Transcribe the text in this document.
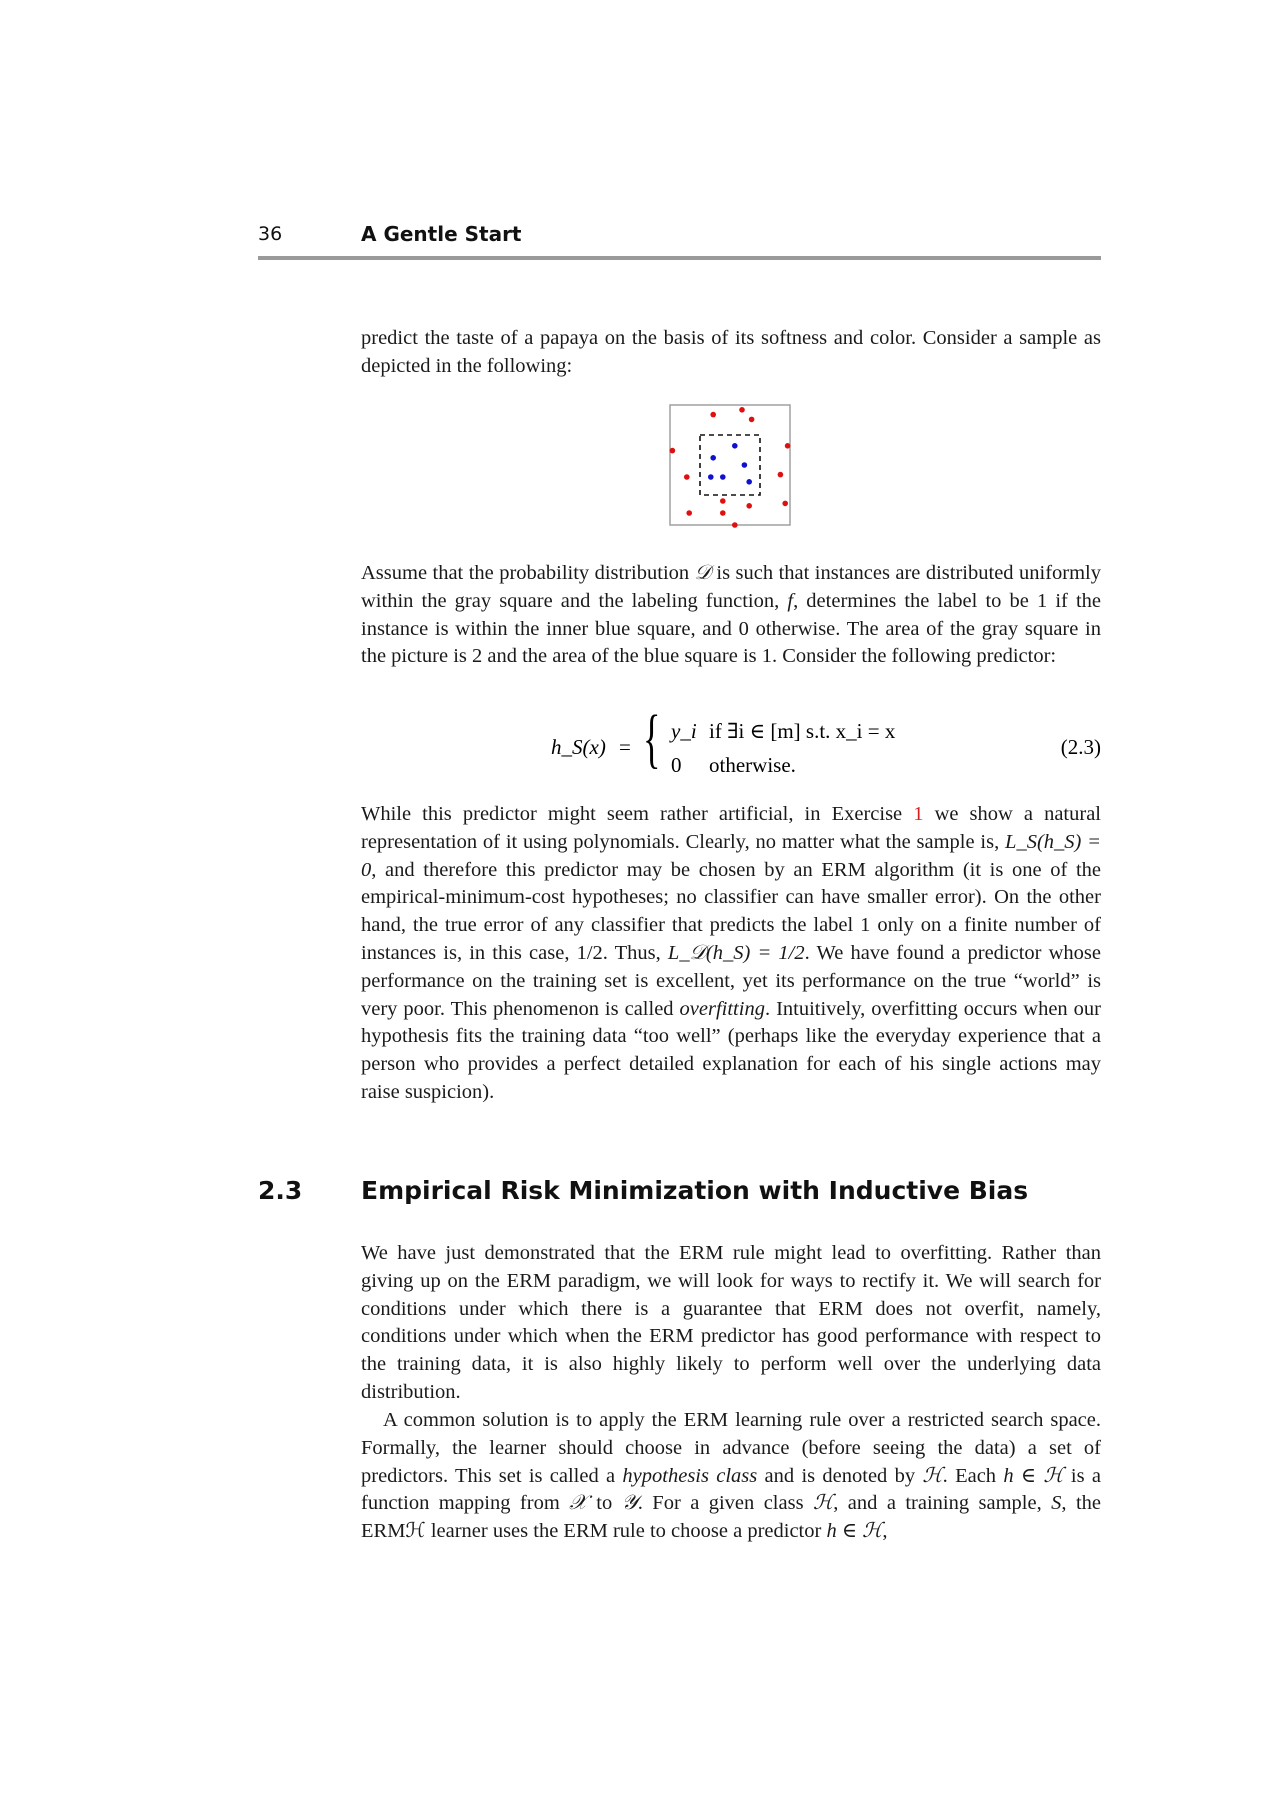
36	A Gentle Start

predict the taste of a papaya on the basis of its softness and color. Consider a sample as depicted in the following:

Assume that the probability distribution 𝒟 is such that instances are distributed uniformly within the gray square and the labeling function, f, determines the label to be 1 if the instance is within the inner blue square, and 0 otherwise. The area of the gray square in the picture is 2 and the area of the blue square is 1. Consider the following predictor:

h_S(x) = { y_i if ∃i ∈ [m] s.t. x_i = x
0 otherwise.
(2.3)

While this predictor might seem rather artificial, in Exercise 1 we show a natural representation of it using polynomials. Clearly, no matter what the sample is, L_S(h_S) = 0, and therefore this predictor may be chosen by an ERM algorithm (it is one of the empirical-minimum-cost hypotheses; no classifier can have smaller error). On the other hand, the true error of any classifier that predicts the label 1 only on a finite number of instances is, in this case, 1/2. Thus, L_𝒟(h_S) = 1/2. We have found a predictor whose performance on the training set is excellent, yet its performance on the true “world” is very poor. This phenomenon is called overfitting. Intuitively, overfitting occurs when our hypothesis fits the training data “too well” (perhaps like the everyday experience that a person who provides a perfect detailed explanation for each of his single actions may raise suspicion).

2.3 Empirical Risk Minimization with Inductive Bias

We have just demonstrated that the ERM rule might lead to overfitting. Rather than giving up on the ERM paradigm, we will look for ways to rectify it. We will search for conditions under which there is a guarantee that ERM does not overfit, namely, conditions under which when the ERM predictor has good performance with respect to the training data, it is also highly likely to perform well over the underlying data distribution.

A common solution is to apply the ERM learning rule over a restricted search space. Formally, the learner should choose in advance (before seeing the data) a set of predictors. This set is called a hypothesis class and is denoted by ℋ. Each h ∈ ℋ is a function mapping from 𝒳 to 𝒴. For a given class ℋ, and a training sample, S, the ERMℋ learner uses the ERM rule to choose a predictor h ∈ ℋ,
